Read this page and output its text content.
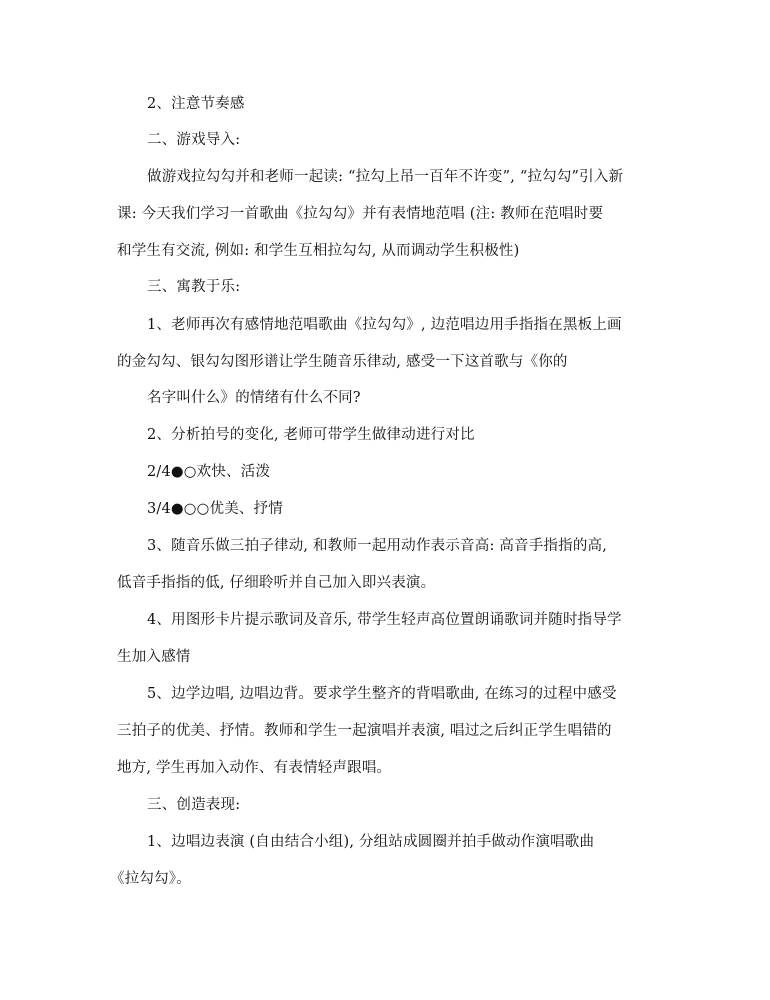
2、注意节奏感
二、游戏导入:
做游戏拉勾勾并和老师一起读: “拉勾上吊一百年不许变”, “拉勾勾”引入新
课: 今天我们学习一首歌曲《拉勾勾》并有表情地范唱 (注: 教师在范唱时要
和学生有交流, 例如: 和学生互相拉勾勾, 从而调动学生积极性)
三、寓教于乐:
1、老师再次有感情地范唱歌曲《拉勾勾》, 边范唱边用手指指在黑板上画
的金勾勾、银勾勾图形谱让学生随音乐律动, 感受一下这首歌与《你的
名字叫什么》的情绪有什么不同?
2、分析拍号的变化, 老师可带学生做律动进行对比
2/4●○欢快、活泼
3/4●○○优美、抒情
3、随音乐做三拍子律动, 和教师一起用动作表示音高: 高音手指指的高,
低音手指指的低, 仔细聆听并自己加入即兴表演。
4、用图形卡片提示歌词及音乐, 带学生轻声高位置朗诵歌词并随时指导学
生加入感情
5、边学边唱, 边唱边背。要求学生整齐的背唱歌曲, 在练习的过程中感受
三拍子的优美、抒情。教师和学生一起演唱并表演, 唱过之后纠正学生唱错的
地方, 学生再加入动作、有表情轻声跟唱。
三、创造表现:
1、边唱边表演 (自由结合小组), 分组站成圆圈并拍手做动作演唱歌曲
《拉勾勾》。
